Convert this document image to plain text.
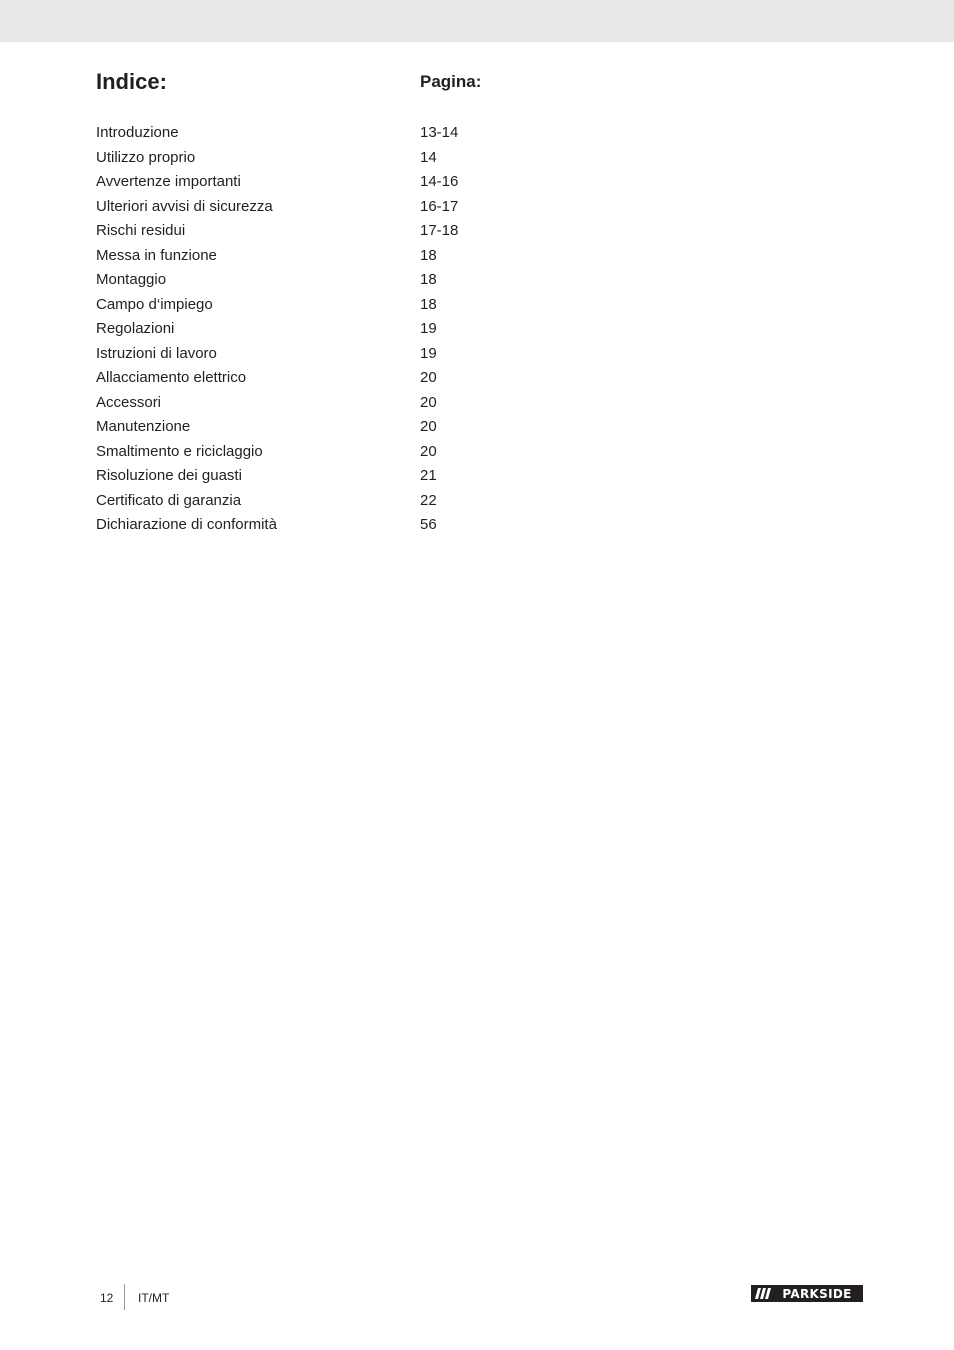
Indice:	Pagina:
Introduzione	13-14
Utilizzo proprio	14
Avvertenze importanti	14-16
Ulteriori avvisi di sicurezza	16-17
Rischi residui	17-18
Messa in funzione	18
Montaggio	18
Campo d‘impiego	18
Regolazioni	19
Istruzioni di lavoro	19
Allacciamento elettrico	20
Accessori	20
Manutenzione	20
Smaltimento e riciclaggio	20
Risoluzione dei guasti	21
Certificato di garanzia	22
Dichiarazione di conformità	56
12 IT/MT	PARKSIDE
